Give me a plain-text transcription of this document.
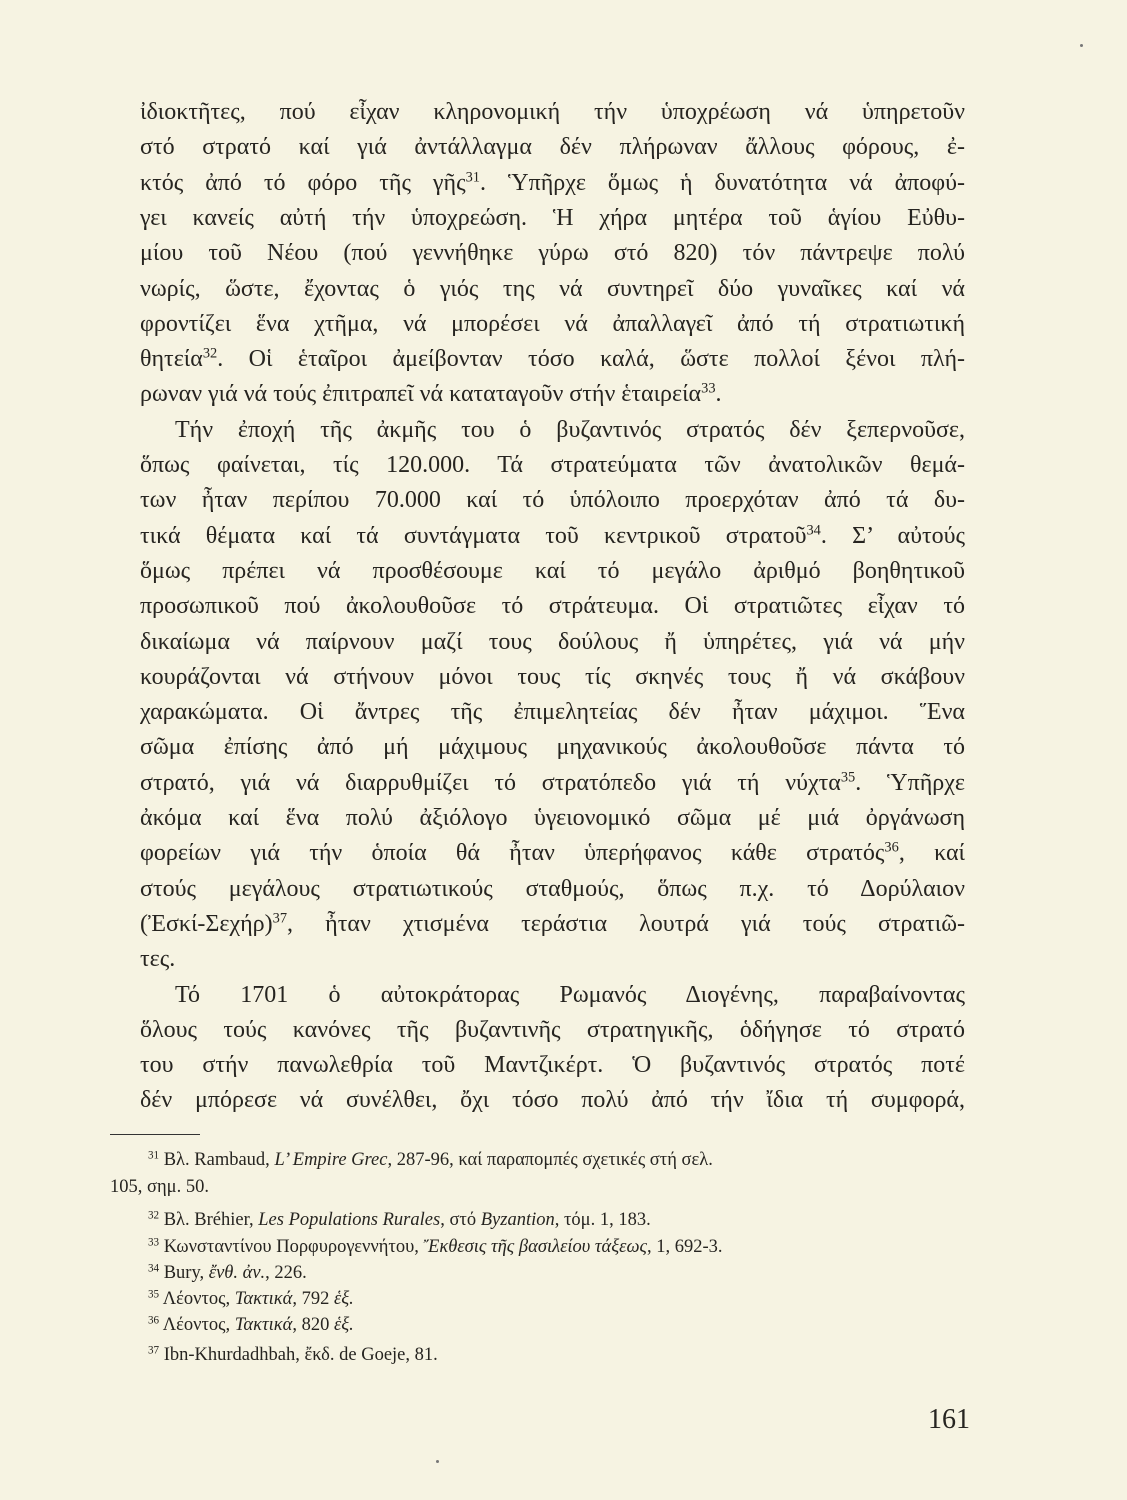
ἰδιοκτῆτες, πού εἶχαν κληρονομική τήν ὑποχρέωση νά ὑπηρετοῦν
στό στρατό καί γιά ἀντάλλαγμα δέν πλήρωναν ἄλλους φόρους, ἐ-
κτός ἀπό τό φόρο τῆς γῆς$^{31}$. Ὑπῆρχε ὅμως ἡ δυνατότητα νά ἀποφύ-
γει κανείς αὐτή τήν ὑποχρεώση. Ἡ χήρα μητέρα τοῦ ἁγίου Εὐθυ-
μίου τοῦ Νέου (πού γεννήθηκε γύρω στό 820) τόν πάντρεψε πολύ
νωρίς, ὥστε, ἔχοντας ὁ γιός της νά συντηρεῖ δύο γυναῖκες καί νά
φροντίζει ἕνα χτῆμα, νά μπορέσει νά ἀπαλλαγεῖ ἀπό τή στρατιωτική
θητεία$^{32}$. Οἱ ἑταῖροι ἀμείβονταν τόσο καλά, ὥστε πολλοί ξένοι πλή-
ρωναν γιά νά τούς ἐπιτραπεῖ νά καταταγοῦν στήν ἑταιρεία$^{33}$.
Τήν ἐποχή τῆς ἀκμῆς του ὁ βυζαντινός στρατός δέν ξεπερνοῦσε,
ὅπως φαίνεται, τίς 120.000. Τά στρατεύματα τῶν ἀνατολικῶν θεμά-
των ἦταν περίπου 70.000 καί τό ὑπόλοιπο προερχόταν ἀπό τά δυ-
τικά θέματα καί τά συντάγματα τοῦ κεντρικοῦ στρατοῦ$^{34}$. Σ’ αὐτούς
ὅμως πρέπει νά προσθέσουμε καί τό μεγάλο ἀριθμό βοηθητικοῦ
προσωπικοῦ πού ἀκολουθοῦσε τό στράτευμα. Οἱ στρατιῶτες εἶχαν τό
δικαίωμα νά παίρνουν μαζί τους δούλους ἤ ὑπηρέτες, γιά νά μήν
κουράζονται νά στήνουν μόνοι τους τίς σκηνές τους ἤ νά σκάβουν
χαρακώματα. Οἱ ἄντρες τῆς ἐπιμελητείας δέν ἦταν μάχιμοι. Ἕνα
σῶμα ἐπίσης ἀπό μή μάχιμους μηχανικούς ἀκολουθοῦσε πάντα τό
στρατό, γιά νά διαρρυθμίζει τό στρατόπεδο γιά τή νύχτα$^{35}$. Ὑπῆρχε
ἀκόμα καί ἕνα πολύ ἀξιόλογο ὑγειονομικό σῶμα μέ μιά ὀργάνωση
φορείων γιά τήν ὁποία θά ἦταν ὑπερήφανος κάθε στρατός$^{36}$, καί
στούς μεγάλους στρατιωτικούς σταθμούς, ὅπως π.χ. τό Δορύλαιον
(Ἐσκί-Σεχήρ)$^{37}$, ἦταν χτισμένα τεράστια λουτρά γιά τούς στρατιῶ-
τες.
Τό 1701 ὁ αὐτοκράτορας Ρωμανός Διογένης, παραβαίνοντας
ὅλους τούς κανόνες τῆς βυζαντινῆς στρατηγικῆς, ὁδήγησε τό στρατό
του στήν πανωλεθρία τοῦ Μαντζικέρτ. Ὁ βυζαντινός στρατός ποτέ
δέν μπόρεσε νά συνέλθει, ὄχι τόσο πολύ ἀπό τήν ἴδια τή συμφορά,
$^{31}$ Βλ. Rambaud, L’ Empire Grec, 287-96, καί παραπομπές σχετικές στή σελ.
105, σημ. 50.
$^{32}$ Βλ. Bréhier, Les Populations Rurales, στό Byzantion, τόμ. 1, 183.
$^{33}$ Κωνσταντίνου Πορφυρογεννήτου, Ἔκθεσις τῆς βασιλείου τάξεως, 1, 692-3.
$^{34}$ Bury, ἔνθ. ἀν., 226.
$^{35}$ Λέοντος, Τακτικά, 792 ἑξ.
$^{36}$ Λέοντος, Τακτικά, 820 ἑξ.
$^{37}$ Ibn-Khurdadhbah, ἔκδ. de Goeje, 81.
161
